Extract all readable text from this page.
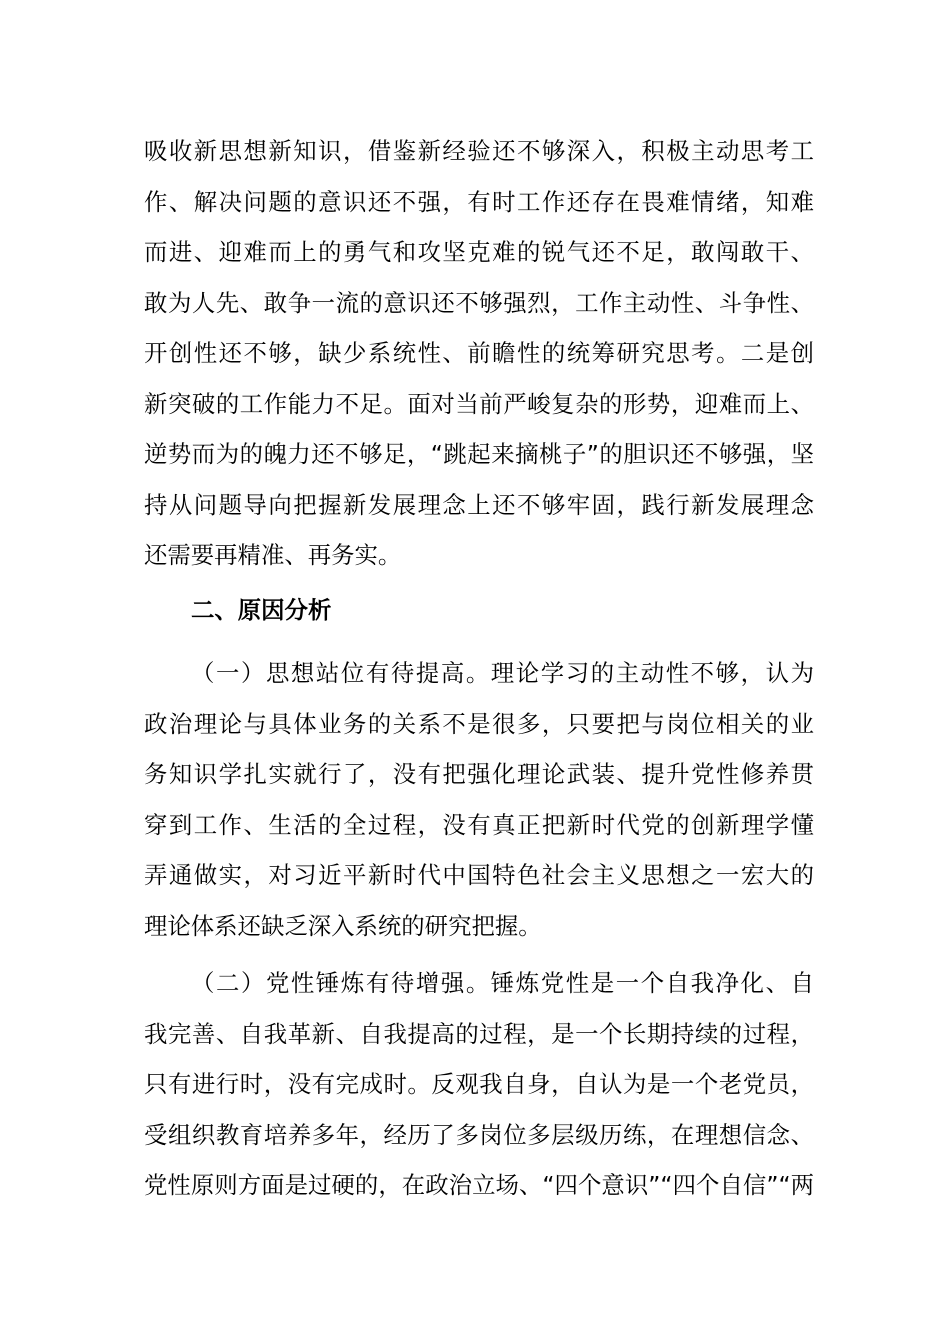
吸收新思想新知识，借鉴新经验还不够深入，积极主动思考工
作、解决问题的意识还不强，有时工作还存在畏难情绪，知难
而进、迎难而上的勇气和攻坚克难的锐气还不足，敢闯敢干、
敢为人先、敢争一流的意识还不够强烈，工作主动性、斗争性、
开创性还不够，缺少系统性、前瞻性的统筹研究思考。二是创
新突破的工作能力不足。面对当前严峻复杂的形势，迎难而上、
逆势而为的魄力还不够足，“跳起来摘桃子”的胆识还不够强，坚
持从问题导向把握新发展理念上还不够牢固，践行新发展理念
还需要再精准、再务实。
二、原因分析
（一）思想站位有待提高。理论学习的主动性不够，认为
政治理论与具体业务的关系不是很多，只要把与岗位相关的业
务知识学扎实就行了，没有把强化理论武装、提升党性修养贯
穿到工作、生活的全过程，没有真正把新时代党的创新理学懂
弄通做实，对习近平新时代中国特色社会主义思想之一宏大的
理论体系还缺乏深入系统的研究把握。
（二）党性锤炼有待增强。锤炼党性是一个自我净化、自
我完善、自我革新、自我提高的过程，是一个长期持续的过程，
只有进行时，没有完成时。反观我自身，自认为是一个老党员，
受组织教育培养多年，经历了多岗位多层级历练，在理想信念、
党性原则方面是过硬的，在政治立场、“四个意识”“四个自信”“两
